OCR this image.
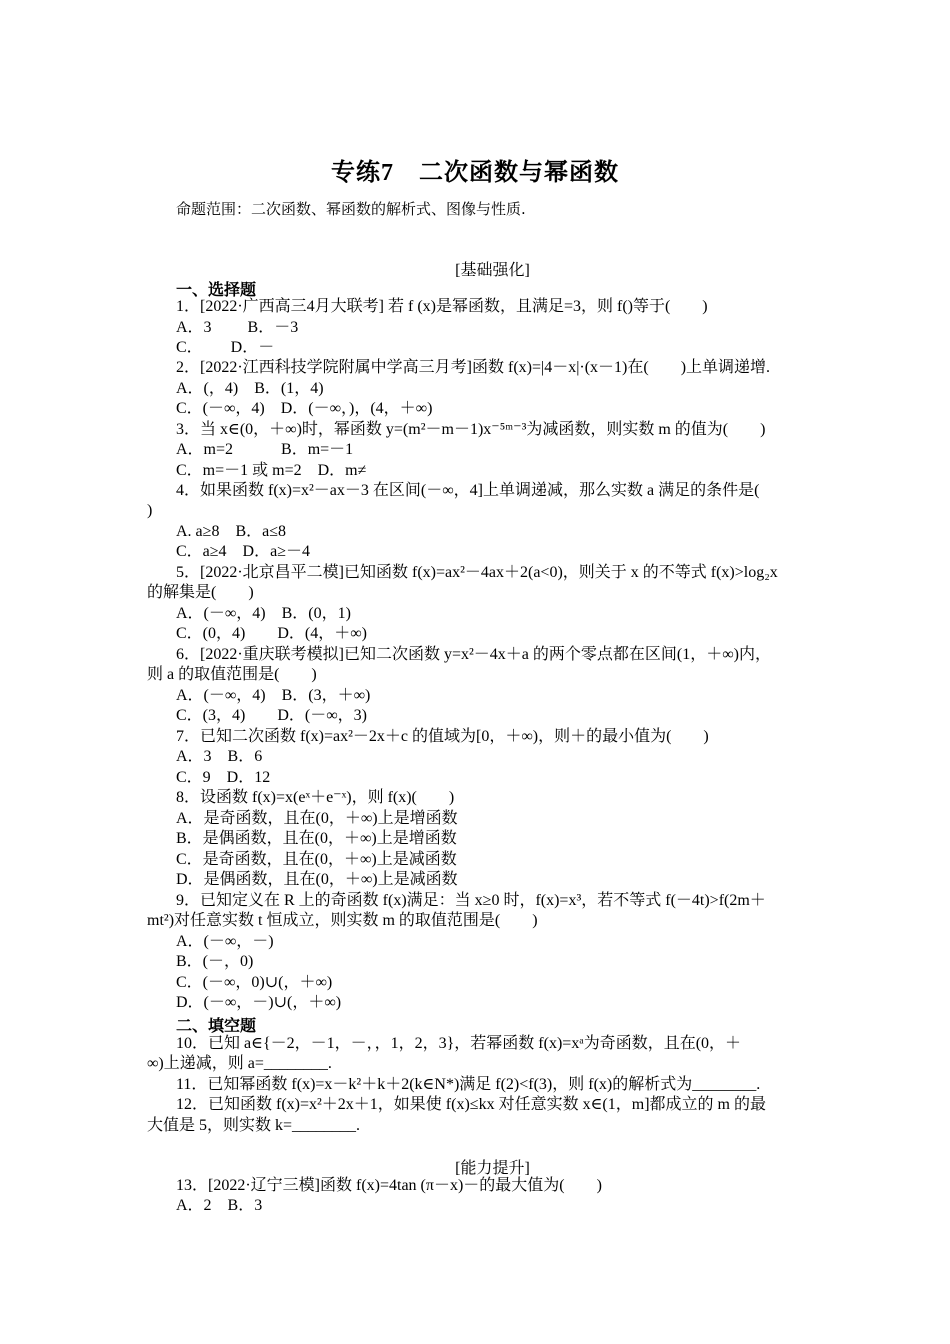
专练7　二次函数与幂函数
命题范围：二次函数、幂函数的解析式、图像与性质.
[基础强化]
一、选择题
1．[2022·广西高三4月大联考] 若 f (x)是幂函数，且满足=3，则 f()等于(　　)
A．3　　 B．－3
C．　　 D．－
2．[2022·江西科技学院附属中学高三月考]函数 f(x)=|4－x|·(x－1)在(　　)上单调递增.
A．(，4)　B．(1，4)
C．(－∞，4)　D．(－∞，)，(4，＋∞)
3．当 x∈(0，＋∞)时，幂函数 y=(m²－m－1)x⁻⁵ᵐ⁻³为减函数，则实数 m 的值为(　　)
A．m=2　　　B．m=－1
C．m=－1 或 m=2　D．m≠
4．如果函数 f(x)=x²－ax－3 在区间(－∞，4]上单调递减，那么实数 a 满足的条件是(
)
A. a≥8　B．a≤8
C．a≥4　D．a≥－4
5．[2022·北京昌平二模]已知函数 f(x)=ax²－4ax＋2(a<0)，则关于 x 的不等式 f(x)>log₂x
的解集是(　　)
A．(－∞，4)　B．(0，1)
C．(0，4)　　D．(4，＋∞)
6．[2022·重庆联考模拟]已知二次函数 y=x²－4x＋a 的两个零点都在区间(1，＋∞)内，
则 a 的取值范围是(　　)
A．(－∞，4)　B．(3，＋∞)
C．(3，4)　　D．(－∞，3)
7．已知二次函数 f(x)=ax²－2x＋c 的值域为[0，＋∞)，则＋的最小值为(　　)
A．3　B．6
C．9　D．12
8．设函数 f(x)=x(eˣ＋e⁻ˣ)，则 f(x)(　　)
A．是奇函数，且在(0，＋∞)上是增函数
B．是偶函数，且在(0，＋∞)上是增函数
C．是奇函数，且在(0，＋∞)上是减函数
D．是偶函数，且在(0，＋∞)上是减函数
9．已知定义在 R 上的奇函数 f(x)满足：当 x≥0 时，f(x)=x³，若不等式 f(－4t)>f(2m＋
mt²)对任意实数 t 恒成立，则实数 m 的取值范围是(　　)
A．(－∞，－)
B．(－，0)
C．(－∞，0)∪(，＋∞)
D．(－∞，－)∪(，＋∞)
二、填空题
10．已知 a∈{－2，－1，－，，1，2，3}，若幂函数 f(x)=xᵃ为奇函数，且在(0，＋
∞)上递减，则 a=________.
11．已知幂函数 f(x)=x－k²＋k＋2(k∈N*)满足 f(2)<f(3)，则 f(x)的解析式为________.
12．已知函数 f(x)=x²＋2x＋1，如果使 f(x)≤kx 对任意实数 x∈(1，m]都成立的 m 的最
大值是 5，则实数 k=________.
[能力提升]
13．[2022·辽宁三模]函数 f(x)=4tan (π－x)－的最大值为(　　)
A．2　B．3
